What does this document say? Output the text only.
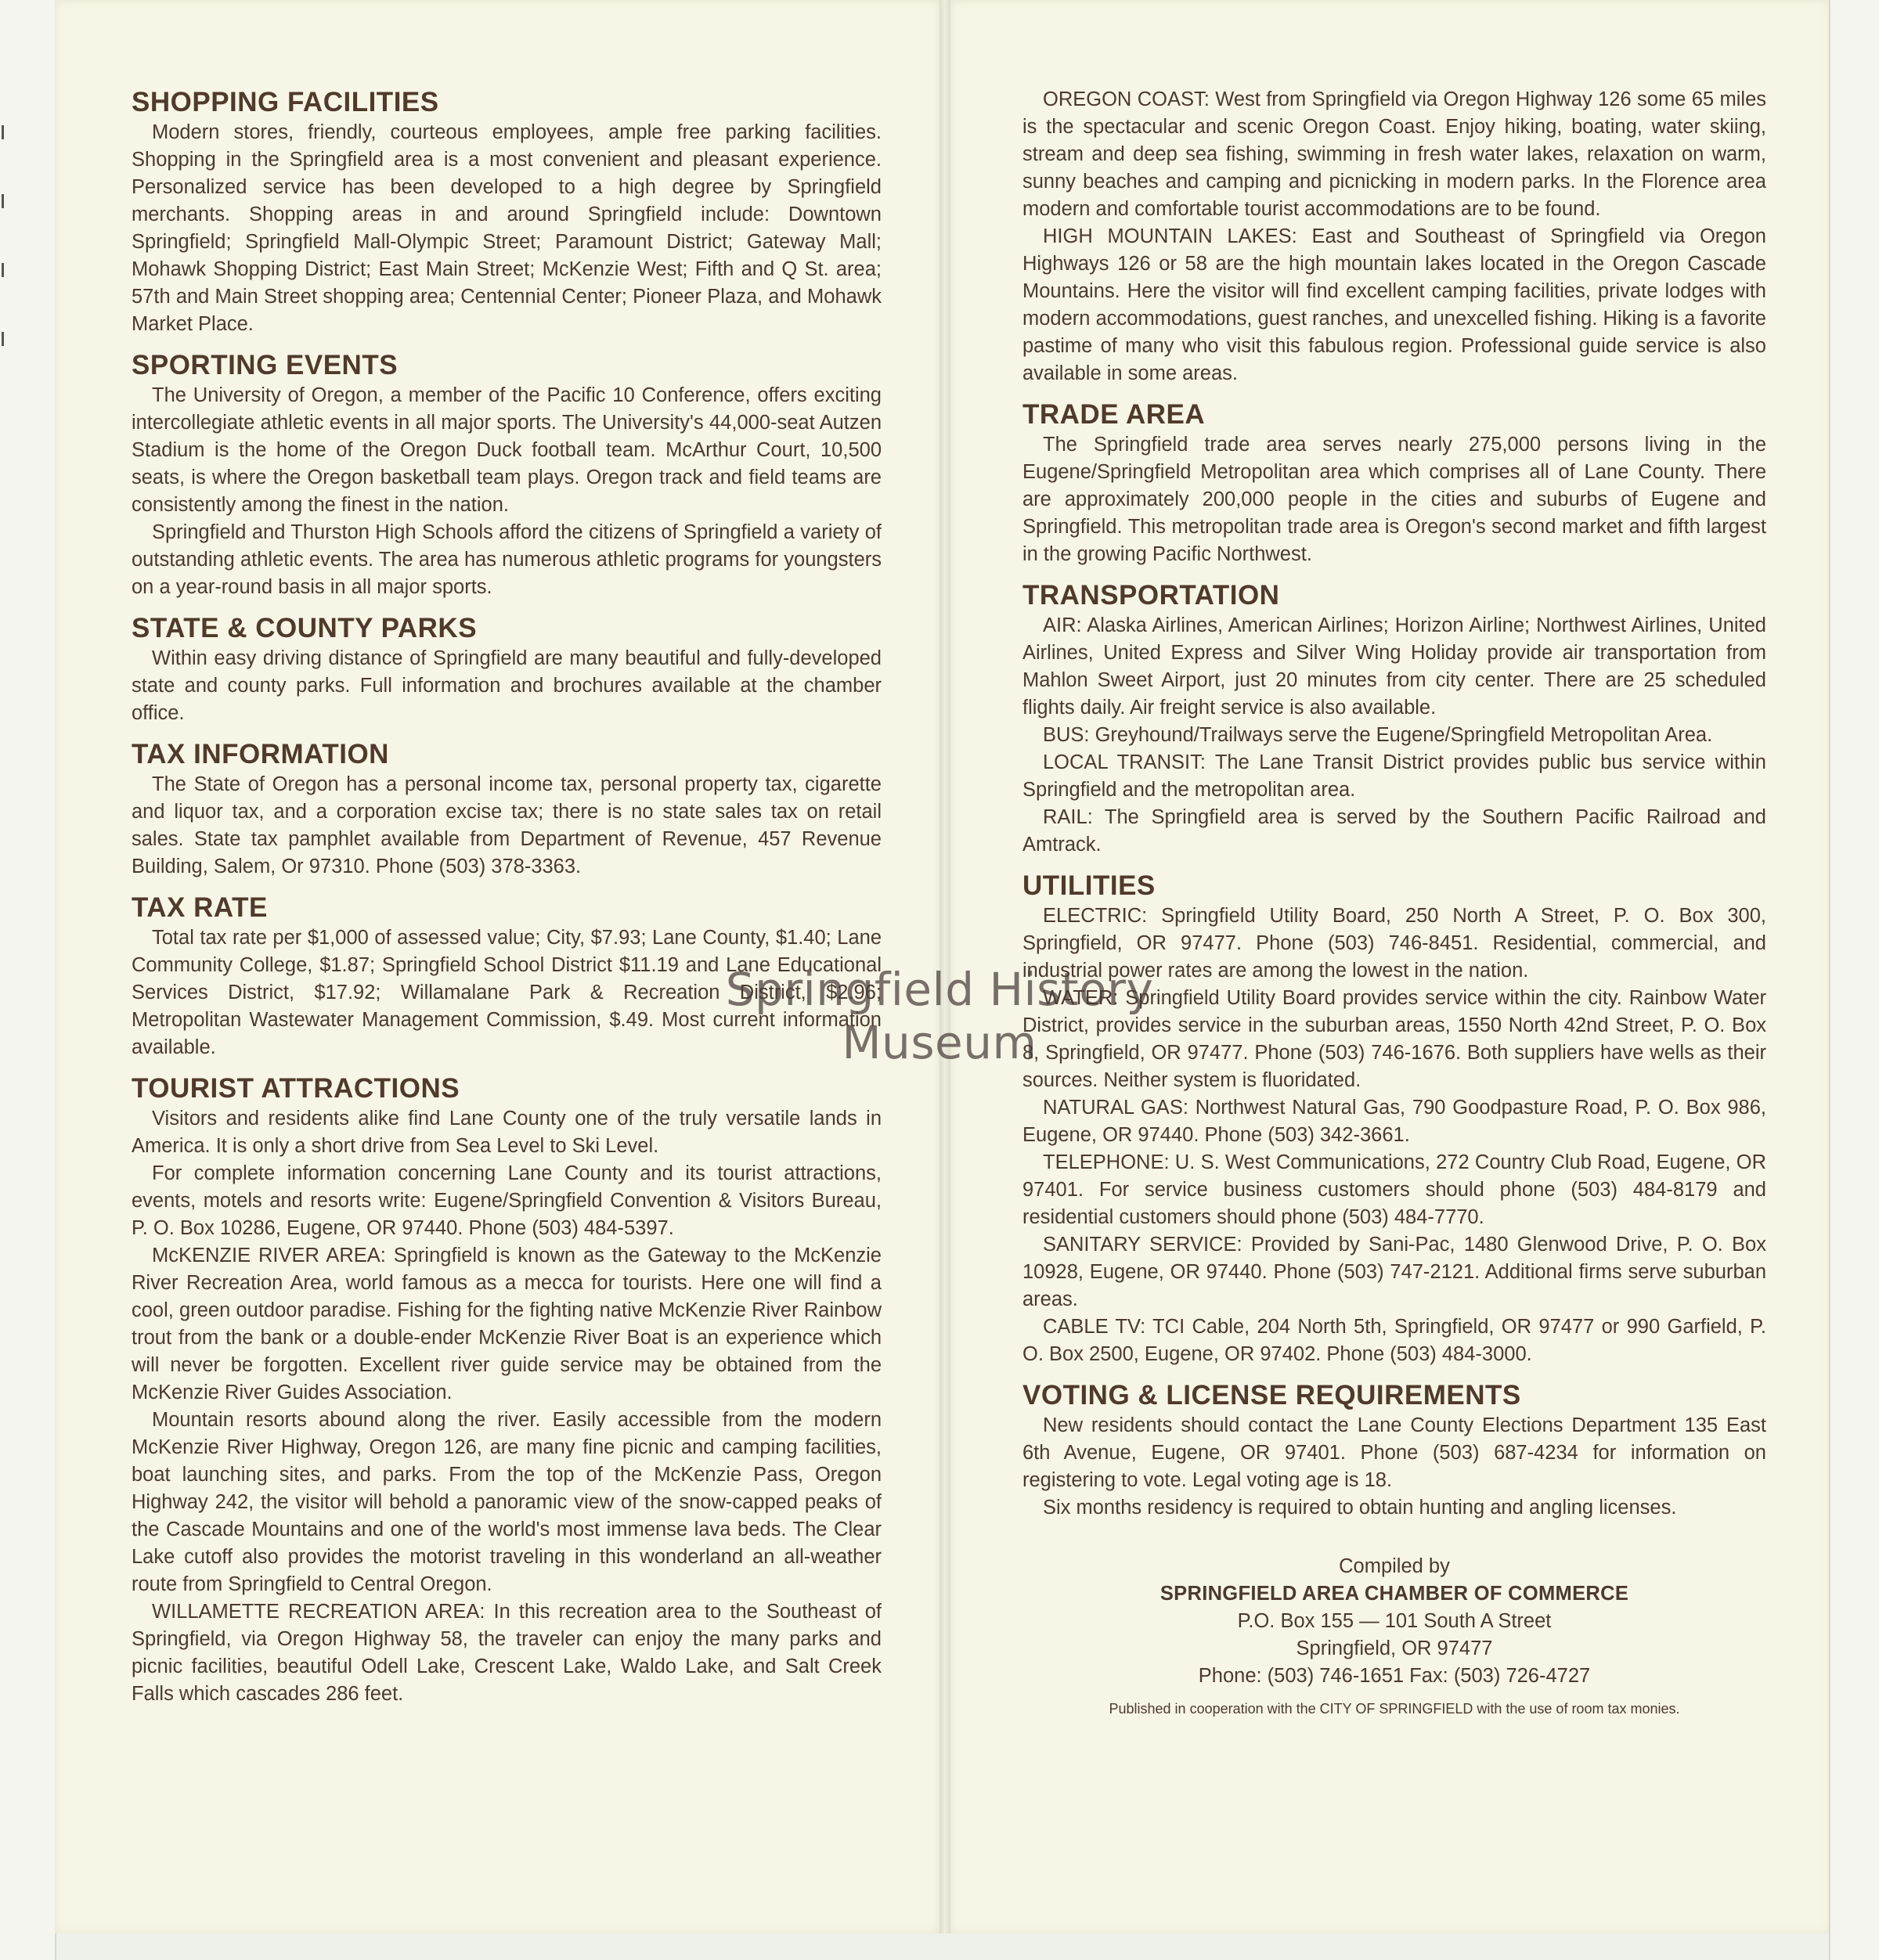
SHOPPING FACILITIES

Modern stores, friendly, courteous employees, ample free parking facilities. Shopping in the Springfield area is a most convenient and pleasant experience. Personalized service has been developed to a high degree by Springfield merchants. Shopping areas in and around Springfield include: Downtown Springfield; Springfield Mall-Olympic Street; Paramount District; Gateway Mall; Mohawk Shopping District; East Main Street; McKenzie West; Fifth and Q St. area; 57th and Main Street shopping area; Centennial Center; Pioneer Plaza, and Mohawk Market Place.

SPORTING EVENTS

The University of Oregon, a member of the Pacific 10 Conference, offers exciting intercollegiate athletic events in all major sports. The University's 44,000-seat Autzen Stadium is the home of the Oregon Duck football team. McArthur Court, 10,500 seats, is where the Oregon basketball team plays. Oregon track and field teams are consistently among the finest in the nation.

Springfield and Thurston High Schools afford the citizens of Springfield a variety of outstanding athletic events. The area has numerous athletic programs for youngsters on a year-round basis in all major sports.

STATE & COUNTY PARKS

Within easy driving distance of Springfield are many beautiful and fully-developed state and county parks. Full information and brochures available at the chamber office.

TAX INFORMATION

The State of Oregon has a personal income tax, personal property tax, cigarette and liquor tax, and a corporation excise tax; there is no state sales tax on retail sales. State tax pamphlet available from Department of Revenue, 457 Revenue Building, Salem, Or 97310. Phone (503) 378-3363.

TAX RATE

Total tax rate per $1,000 of assessed value; City, $7.93; Lane County, $1.40; Lane Community College, $1.87; Springfield School District $11.19 and Lane Educational Services District, $17.92; Willamalane Park & Recreation District, $2.96; Metropolitan Wastewater Management Commission, $.49. Most current information available.

TOURIST ATTRACTIONS

Visitors and residents alike find Lane County one of the truly versatile lands in America. It is only a short drive from Sea Level to Ski Level.

For complete information concerning Lane County and its tourist attractions, events, motels and resorts write: Eugene/Springfield Convention & Visitors Bureau, P. O. Box 10286, Eugene, OR 97440. Phone (503) 484-5397.

McKENZIE RIVER AREA: Springfield is known as the Gateway to the McKenzie River Recreation Area, world famous as a mecca for tourists. Here one will find a cool, green outdoor paradise. Fishing for the fighting native McKenzie River Rainbow trout from the bank or a double-ender McKenzie River Boat is an experience which will never be forgotten. Excellent river guide service may be obtained from the McKenzie River Guides Association.

Mountain resorts abound along the river. Easily accessible from the modern McKenzie River Highway, Oregon 126, are many fine picnic and camping facilities, boat launching sites, and parks. From the top of the McKenzie Pass, Oregon Highway 242, the visitor will behold a panoramic view of the snow-capped peaks of the Cascade Mountains and one of the world's most immense lava beds. The Clear Lake cutoff also provides the motorist traveling in this wonderland an all-weather route from Springfield to Central Oregon.

WILLAMETTE RECREATION AREA: In this recreation area to the Southeast of Springfield, via Oregon Highway 58, the traveler can enjoy the many parks and picnic facilities, beautiful Odell Lake, Crescent Lake, Waldo Lake, and Salt Creek Falls which cascades 286 feet.

OREGON COAST: West from Springfield via Oregon Highway 126 some 65 miles is the spectacular and scenic Oregon Coast. Enjoy hiking, boating, water skiing, stream and deep sea fishing, swimming in fresh water lakes, relaxation on warm, sunny beaches and camping and picnicking in modern parks. In the Florence area modern and comfortable tourist accommodations are to be found.

HIGH MOUNTAIN LAKES: East and Southeast of Springfield via Oregon Highways 126 or 58 are the high mountain lakes located in the Oregon Cascade Mountains. Here the visitor will find excellent camping facilities, private lodges with modern accommodations, guest ranches, and unexcelled fishing. Hiking is a favorite pastime of many who visit this fabulous region. Professional guide service is also available in some areas.

TRADE AREA

The Springfield trade area serves nearly 275,000 persons living in the Eugene/Springfield Metropolitan area which comprises all of Lane County. There are approximately 200,000 people in the cities and suburbs of Eugene and Springfield. This metropolitan trade area is Oregon's second market and fifth largest in the growing Pacific Northwest.

TRANSPORTATION

AIR: Alaska Airlines, American Airlines; Horizon Airline; Northwest Airlines, United Airlines, United Express and Silver Wing Holiday provide air transportation from Mahlon Sweet Airport, just 20 minutes from city center. There are 25 scheduled flights daily. Air freight service is also available.

BUS: Greyhound/Trailways serve the Eugene/Springfield Metropolitan Area.

LOCAL TRANSIT: The Lane Transit District provides public bus service within Springfield and the metropolitan area.

RAIL: The Springfield area is served by the Southern Pacific Railroad and Amtrack.

UTILITIES

ELECTRIC: Springfield Utility Board, 250 North A Street, P. O. Box 300, Springfield, OR 97477. Phone (503) 746-8451. Residential, commercial, and industrial power rates are among the lowest in the nation.

WATER: Springfield Utility Board provides service within the city. Rainbow Water District, provides service in the suburban areas, 1550 North 42nd Street, P. O. Box 8, Springfield, OR 97477. Phone (503) 746-1676. Both suppliers have wells as their sources. Neither system is fluoridated.

NATURAL GAS: Northwest Natural Gas, 790 Goodpasture Road, P. O. Box 986, Eugene, OR 97440. Phone (503) 342-3661.

TELEPHONE: U. S. West Communications, 272 Country Club Road, Eugene, OR 97401. For service business customers should phone (503) 484-8179 and residential customers should phone (503) 484-7770.

SANITARY SERVICE: Provided by Sani-Pac, 1480 Glenwood Drive, P. O. Box 10928, Eugene, OR 97440. Phone (503) 747-2121. Additional firms serve suburban areas.

CABLE TV: TCI Cable, 204 North 5th, Springfield, OR 97477 or 990 Garfield, P. O. Box 2500, Eugene, OR 97402. Phone (503) 484-3000.

VOTING & LICENSE REQUIREMENTS

New residents should contact the Lane County Elections Department 135 East 6th Avenue, Eugene, OR 97401. Phone (503) 687-4234 for information on registering to vote. Legal voting age is 18.

Six months residency is required to obtain hunting and angling licenses.

Compiled by

SPRINGFIELD AREA CHAMBER OF COMMERCE

P.O. Box 155 — 101 South A Street

Springfield, OR 97477

Phone: (503) 746-1651 Fax: (503) 726-4727

Published in cooperation with the CITY OF SPRINGFIELD with the use of room tax monies.

Springfield History Museum
